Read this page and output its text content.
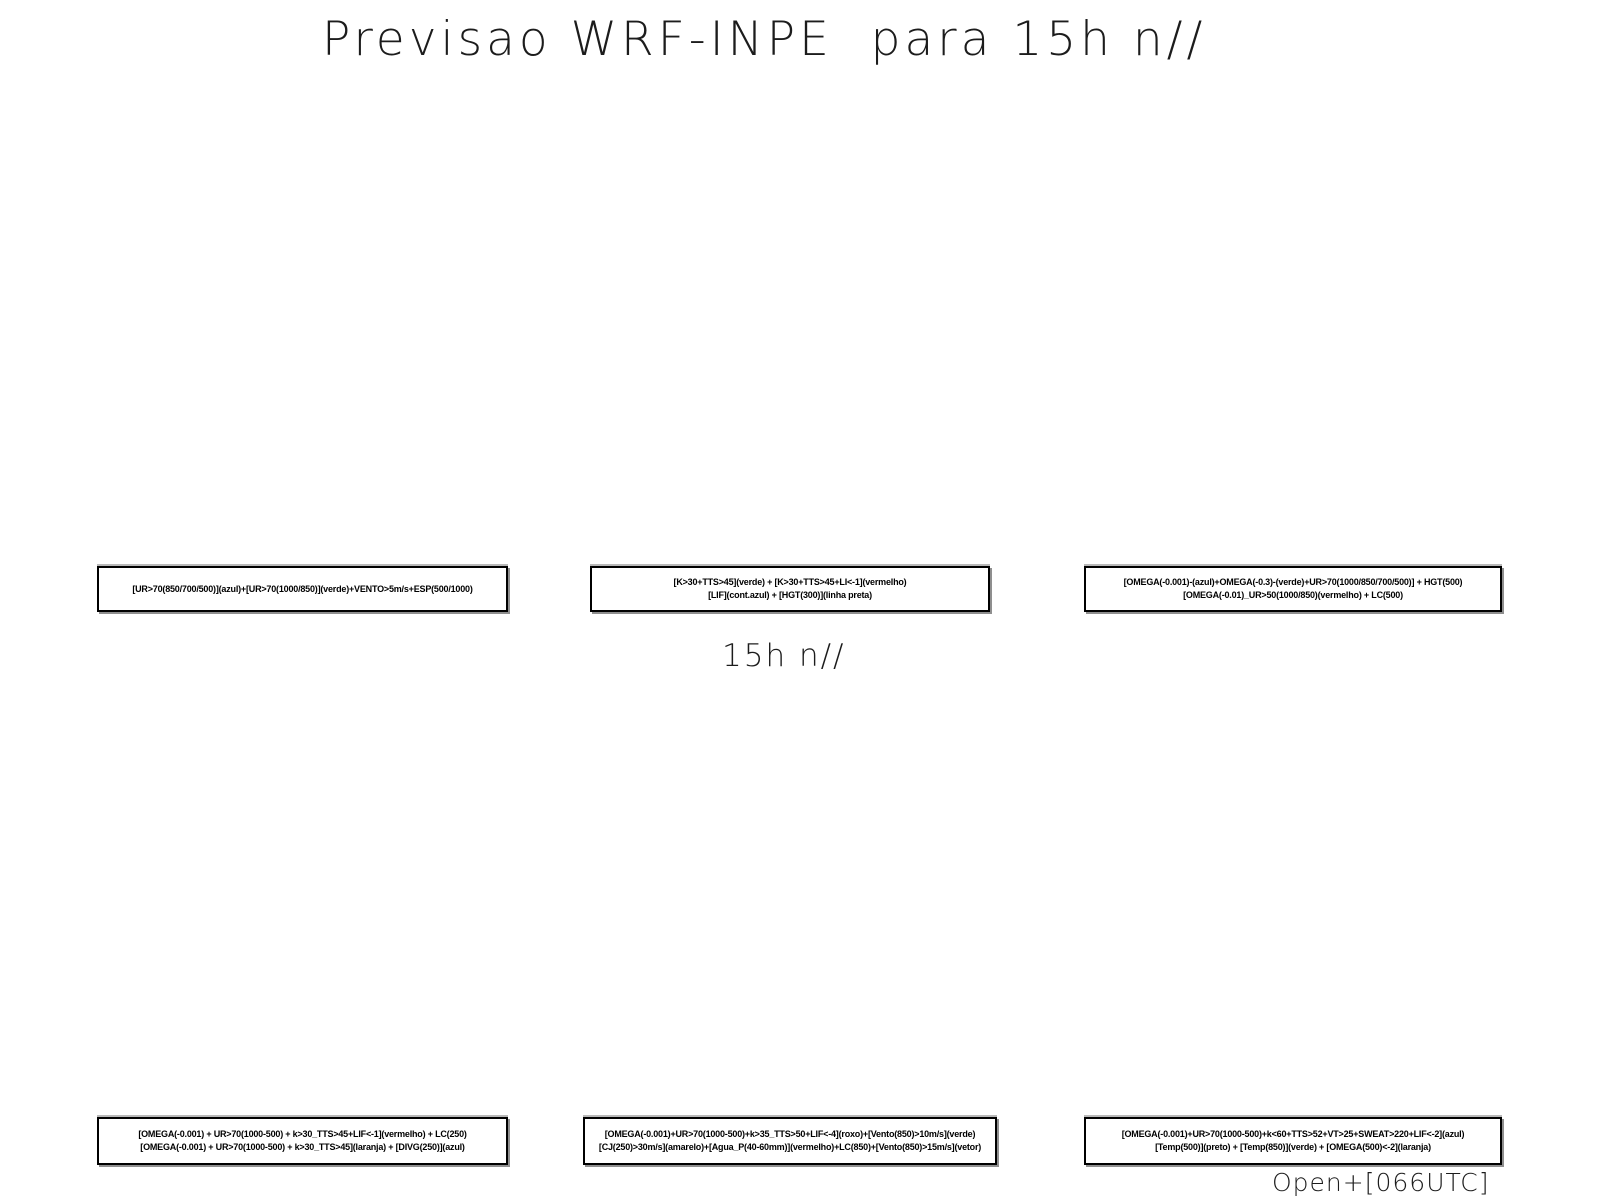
Previsao WRF-INPE  para 15h n//
[UR>70(850/700/500)](azul)+[UR>70(1000/850)](verde)+VENTO>5m/s+ESP(500/1000)
[K>30+TTS>45](verde) + [K>30+TTS>45+LI<-1](vermelho)
[LIF](cont.azul) + [HGT(300)](linha preta)
[OMEGA(-0.001)-(azul)+OMEGA(-0.3)-(verde)+UR>70(1000/850/700/500)] + HGT(500)
[OMEGA(-0.01)_UR>50(1000/850)(vermelho) + LC(500)
15h n//
[OMEGA(-0.001) + UR>70(1000-500) + k>30_TTS>45+LIF<-1](vermelho) + LC(250)
[OMEGA(-0.001) + UR>70(1000-500) + k>30_TTS>45](laranja) + [DIVG(250)](azul)
[OMEGA(-0.001)+UR>70(1000-500)+k>35_TTS>50+LIF<-4](roxo)+[Vento(850)>10m/s](verde)
[CJ(250)>30m/s](amarelo)+[Agua_P(40-60mm)](vermelho)+LC(850)+[Vento(850)>15m/s](vetor)
[OMEGA(-0.001)+UR>70(1000-500)+k<60+TTS>52+VT>25+SWEAT>220+LIF<-2](azul)
[Temp(500)](preto) + [Temp(850)](verde) + [OMEGA(500)<-2](laranja)
Open+[066UTC]
